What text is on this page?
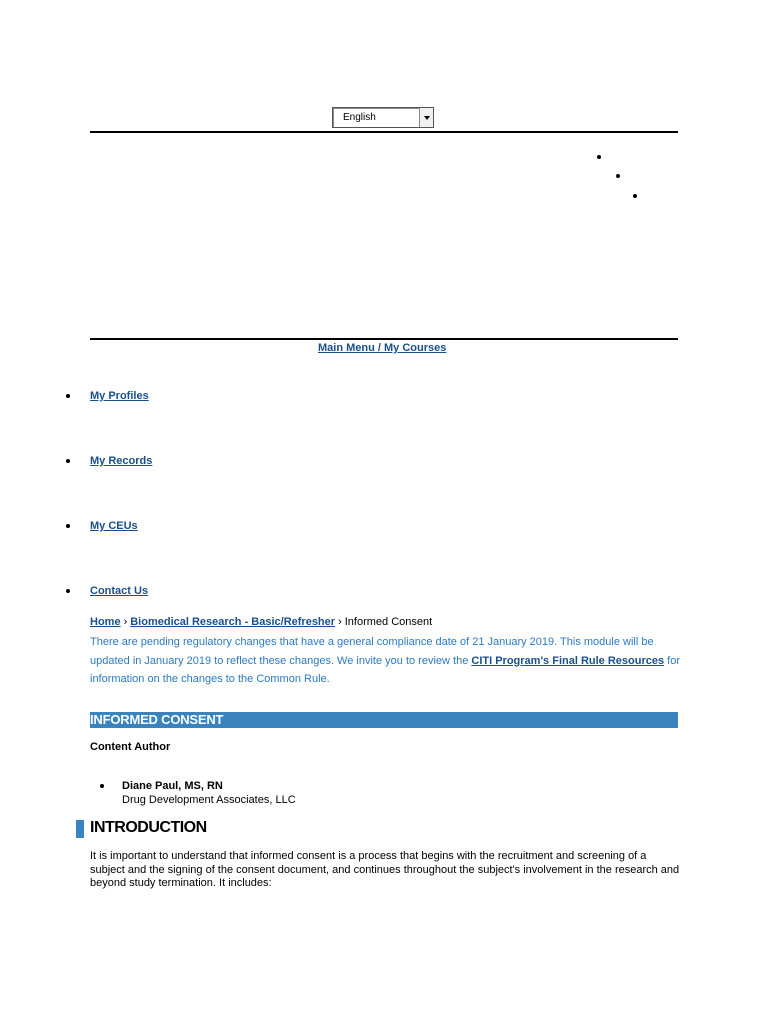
English
Main Menu / My Courses
My Profiles
My Records
My CEUs
Contact Us
Home › Biomedical Research - Basic/Refresher › Informed Consent
There are pending regulatory changes that have a general compliance date of 21 January 2019. This module will be updated in January 2019 to reflect these changes. We invite you to review the CITI Program's Final Rule Resources for information on the changes to the Common Rule.
INFORMED CONSENT
Content Author
Diane Paul, MS, RN
Drug Development Associates, LLC
INTRODUCTION
It is important to understand that informed consent is a process that begins with the recruitment and screening of a subject and the signing of the consent document, and continues throughout the subject's involvement in the research and beyond study termination. It includes:
